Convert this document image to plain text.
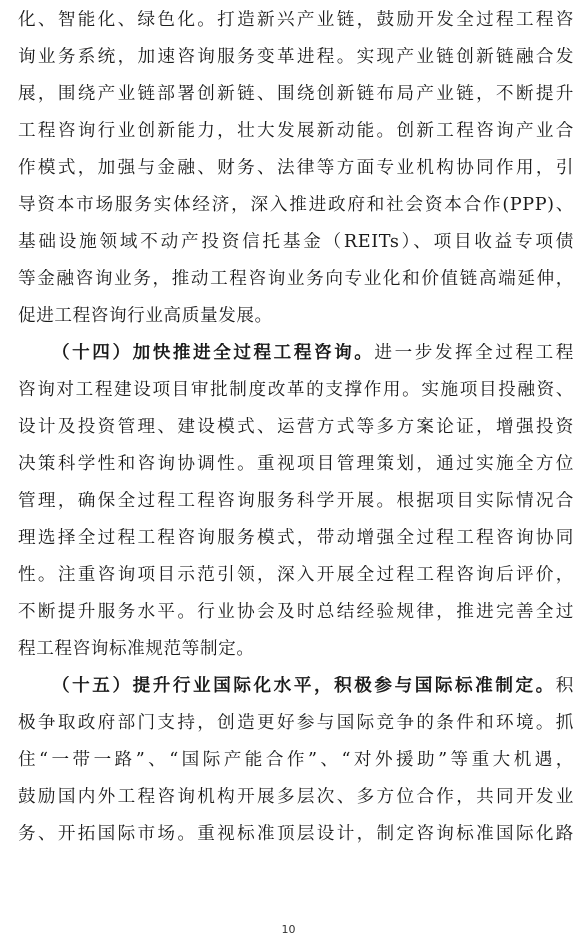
化、智能化、绿色化。打造新兴产业链，鼓励开发全过程工程咨
询业务系统，加速咨询服务变革进程。实现产业链创新链融合发
展，围绕产业链部署创新链、围绕创新链布局产业链，不断提升
工程咨询行业创新能力，壮大发展新动能。创新工程咨询产业合
作模式，加强与金融、财务、法律等方面专业机构协同作用，引
导资本市场服务实体经济，深入推进政府和社会资本合作(PPP)、
基础设施领域不动产投资信托基金（REITs）、项目收益专项债
等金融咨询业务，推动工程咨询业务向专业化和价值链高端延伸，
促进工程咨询行业高质量发展。
（十四）加快推进全过程工程咨询。进一步发挥全过程工程
咨询对工程建设项目审批制度改革的支撑作用。实施项目投融资、
设计及投资管理、建设模式、运营方式等多方案论证，增强投资
决策科学性和咨询协调性。重视项目管理策划，通过实施全方位
管理，确保全过程工程咨询服务科学开展。根据项目实际情况合
理选择全过程工程咨询服务模式，带动增强全过程工程咨询协同
性。注重咨询项目示范引领，深入开展全过程工程咨询后评价，
不断提升服务水平。行业协会及时总结经验规律，推进完善全过
程工程咨询标准规范等制定。
（十五）提升行业国际化水平，积极参与国际标准制定。积
极争取政府部门支持，创造更好参与国际竞争的条件和环境。抓
住“一带一路”、“国际产能合作”、“对外援助”等重大机遇，
鼓励国内外工程咨询机构开展多层次、多方位合作，共同开发业
务、开拓国际市场。重视标准顶层设计，制定咨询标准国际化路
10
